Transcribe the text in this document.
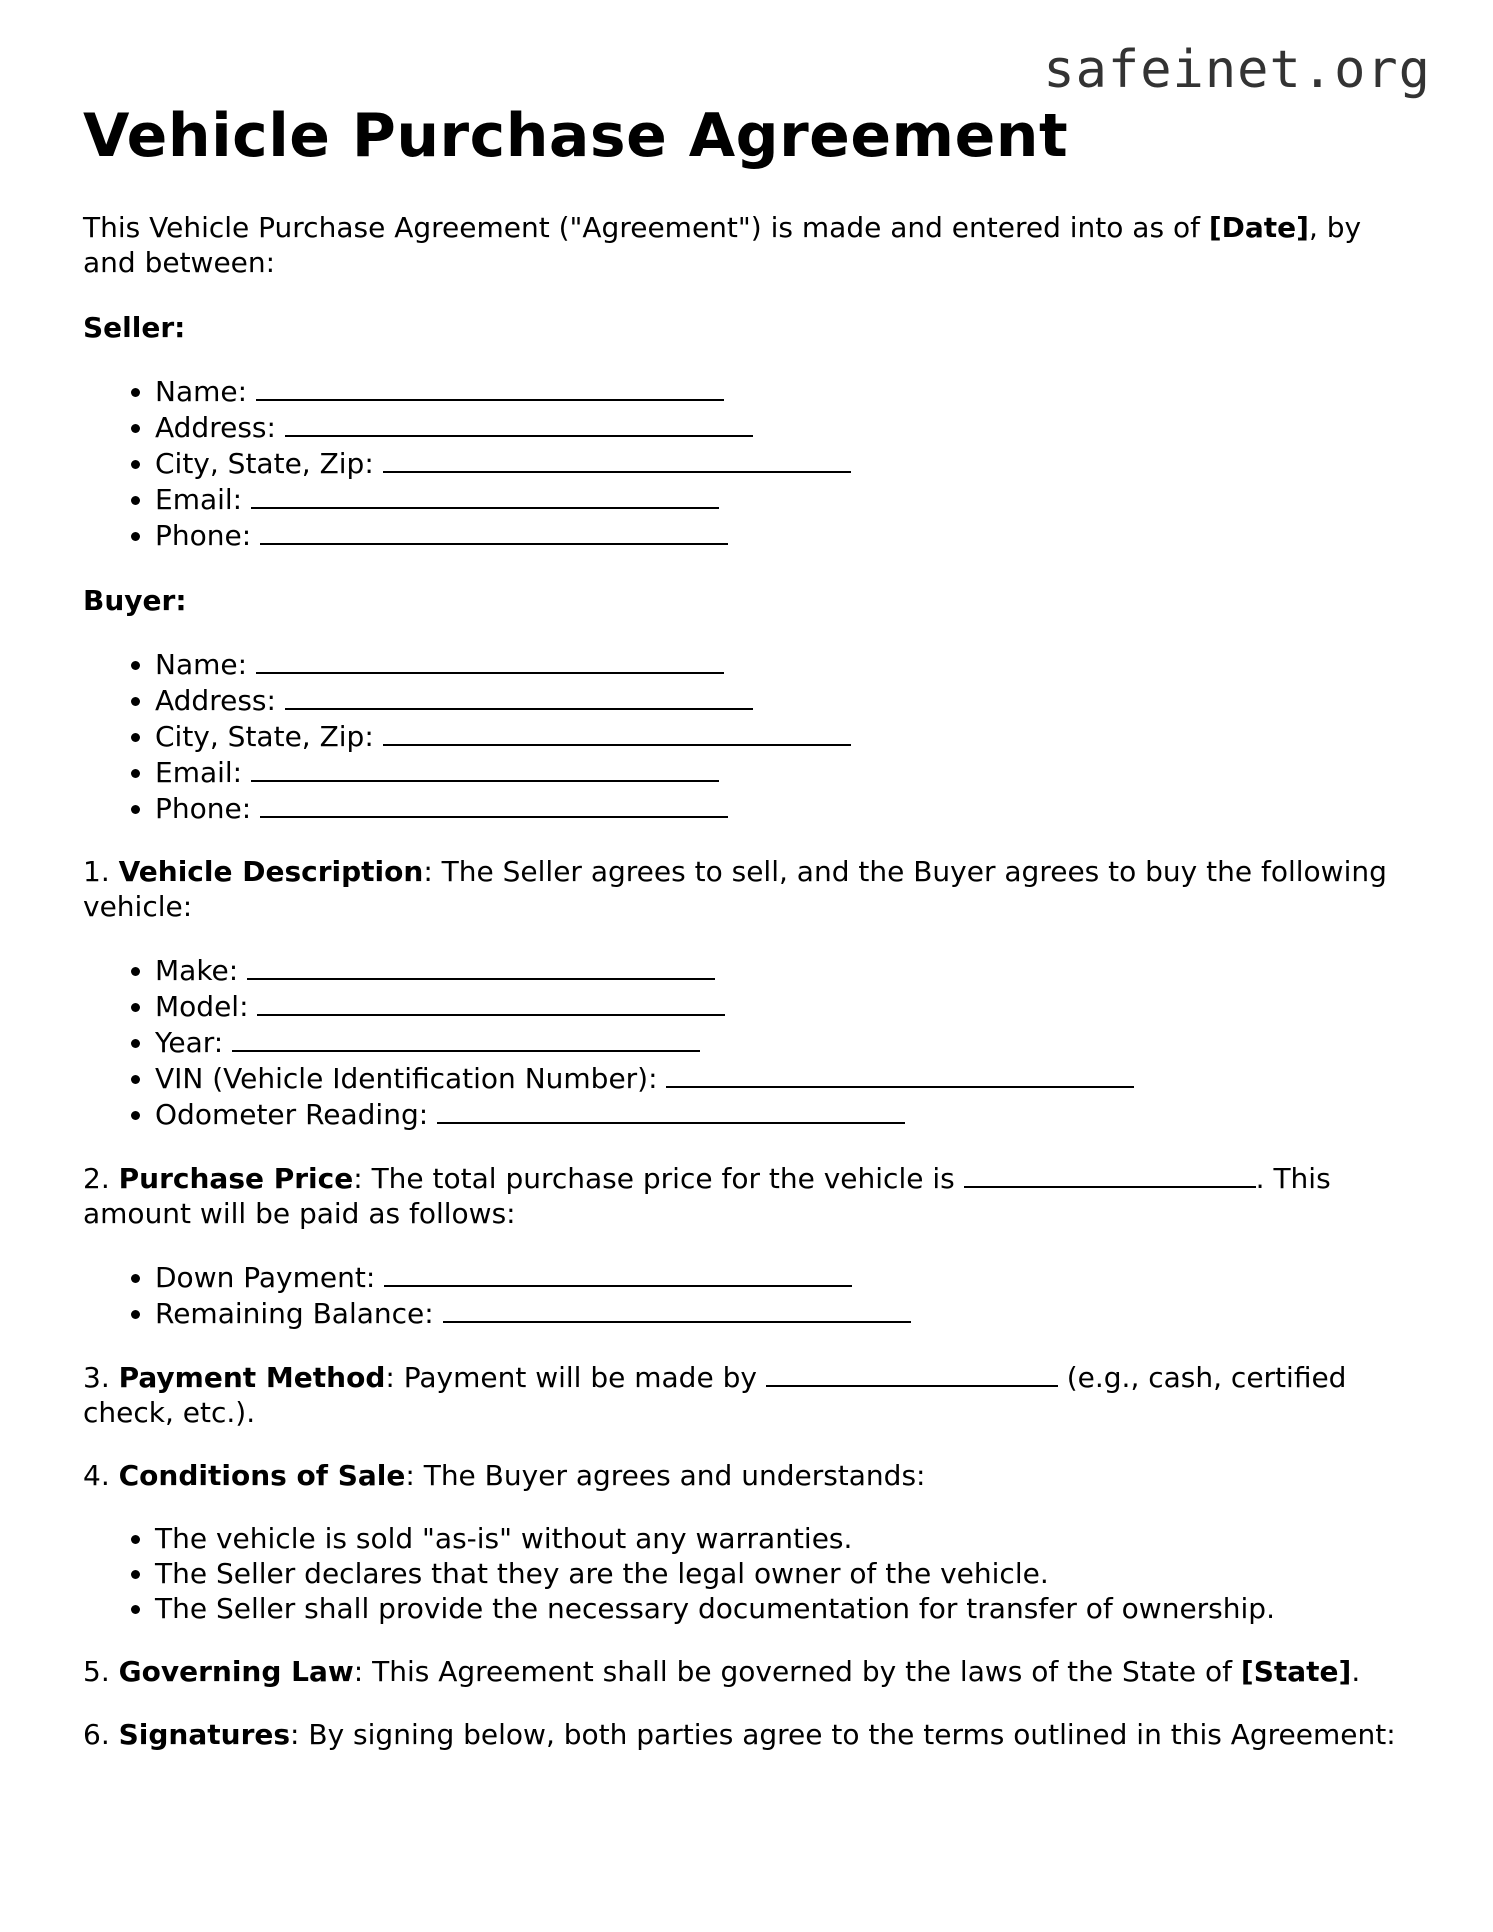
safeinet.org
Vehicle Purchase Agreement

This Vehicle Purchase Agreement ("Agreement") is made and entered into as of [Date], by and between:

Seller:

• Name:
• Address:
• City, State, Zip:
• Email:
• Phone:

Buyer:

• Name:
• Address:
• City, State, Zip:
• Email:
• Phone:

1. Vehicle Description: The Seller agrees to sell, and the Buyer agrees to buy the following vehicle:

• Make:
• Model:
• Year:
• VIN (Vehicle Identification Number):
• Odometer Reading:

2. Purchase Price: The total purchase price for the vehicle is	. This amount will be paid as follows:

• Down Payment:
• Remaining Balance:

3. Payment Method: Payment will be made by	(e.g., cash, certified check, etc.).

4. Conditions of Sale: The Buyer agrees and understands:

• The vehicle is sold "as-is" without any warranties.
• The Seller declares that they are the legal owner of the vehicle.
• The Seller shall provide the necessary documentation for transfer of ownership.

5. Governing Law: This Agreement shall be governed by the laws of the State of [State].

6. Signatures: By signing below, both parties agree to the terms outlined in this Agreement:
